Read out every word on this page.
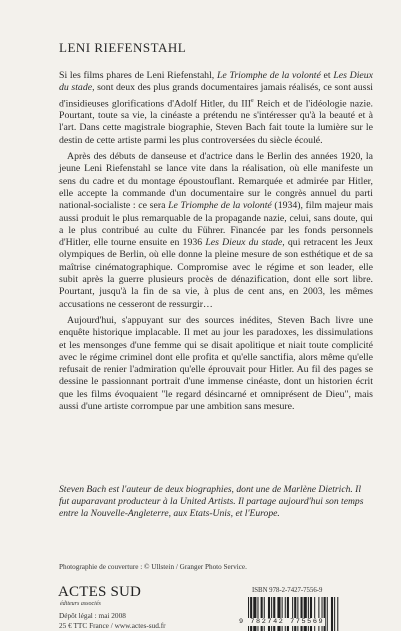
LENI RIEFENSTAHL

Si les films phares de Leni Riefenstahl, Le Triomphe de la volonté et Les Dieux du stade, sont deux des plus grands documentaires jamais réalisés, ce sont aussi d'insidieuses glorifications d'Adolf Hitler, du IIIe Reich et de l'idéologie nazie. Pourtant, toute sa vie, la cinéaste a prétendu ne s'intéresser qu'à la beauté et à l'art. Dans cette magistrale biographie, Steven Bach fait toute la lumière sur le destin de cette artiste parmi les plus controversées du siècle écoulé.

Après des débuts de danseuse et d'actrice dans le Berlin des années 1920, la jeune Leni Riefenstahl se lance vite dans la réalisation, où elle manifeste un sens du cadre et du montage époustouflant. Remarquée et admirée par Hitler, elle accepte la commande d'un documentaire sur le congrès annuel du parti national-socialiste : ce sera Le Triomphe de la volonté (1934), film majeur mais aussi produit le plus remarquable de la propagande nazie, celui, sans doute, qui a le plus contribué au culte du Führer. Financée par les fonds personnels d'Hitler, elle tourne ensuite en 1936 Les Dieux du stade, qui retracent les Jeux olympiques de Berlin, où elle donne la pleine mesure de son esthétique et de sa maîtrise cinématographique. Compromise avec le régime et son leader, elle subit après la guerre plusieurs procès de dénazification, dont elle sort libre. Pourtant, jusqu'à la fin de sa vie, à plus de cent ans, en 2003, les mêmes accusations ne cesseront de ressurgir…

Aujourd'hui, s'appuyant sur des sources inédites, Steven Bach livre une enquête historique implacable. Il met au jour les paradoxes, les dissimulations et les mensonges d'une femme qui se disait apolitique et niait toute complicité avec le régime criminel dont elle profita et qu'elle sanctifia, alors même qu'elle refusait de renier l'admiration qu'elle éprouvait pour Hitler. Au fil des pages se dessine le passionnant portrait d'une immense cinéaste, dont un historien écrit que les films évoquaient "le regard désincarné et omniprésent de Dieu", mais aussi d'une artiste corrompue par une ambition sans mesure.

Steven Bach est l'auteur de deux biographies, dont une de Marlène Dietrich. Il fut auparavant producteur à la United Artists. Il partage aujourd'hui son temps entre la Nouvelle-Angleterre, aux Etats-Unis, et l'Europe.

Photographie de couverture : © Ullstein / Granger Photo Service.
ACTES SUD
éditeurs associés
Dépôt légal : mai 2008
25 € TTC France / www.actes-sud.fr
ISBN 978-2-7427-7556-9
9 782742 775569
